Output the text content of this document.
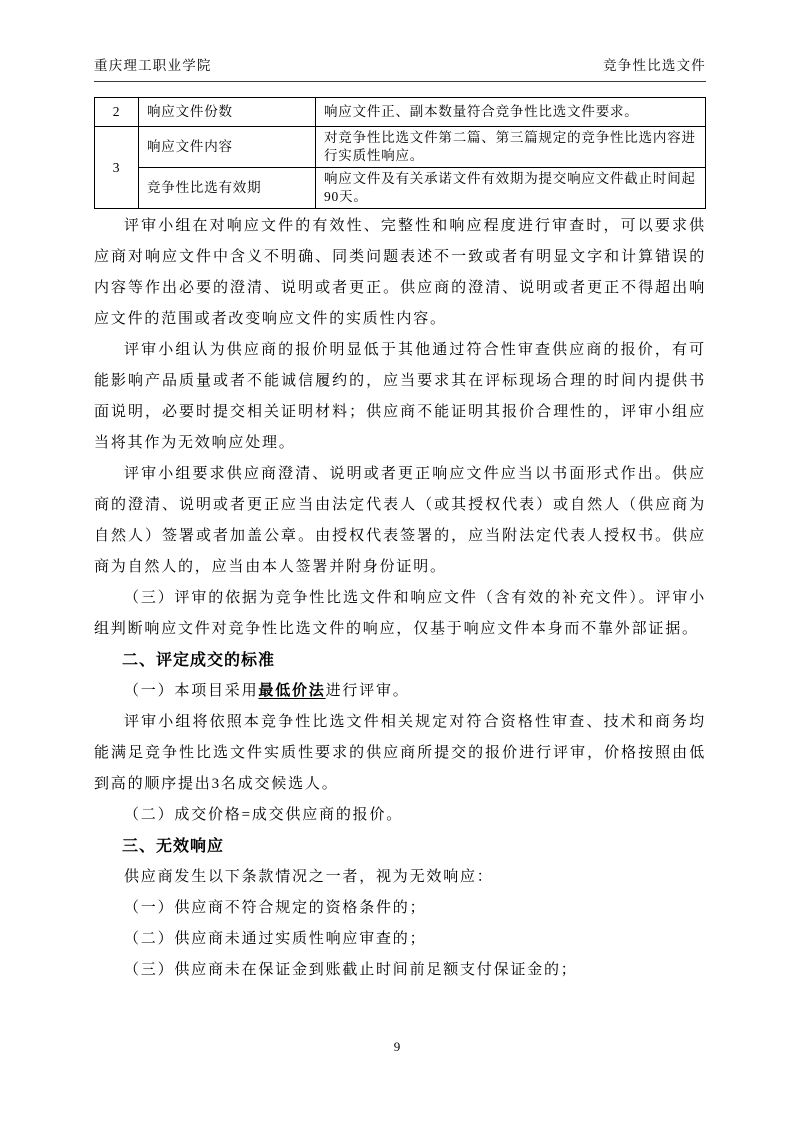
重庆理工职业学院	竞争性比选文件
2	响应文件份数	响应文件正、副本数量符合竞争性比选文件要求。
3	响应文件内容	对竞争性比选文件第二篇、第三篇规定的竞争性比选内容进行实质性响应。
	竞争性比选有效期	响应文件及有关承诺文件有效期为提交响应文件截止时间起90天。

评审小组在对响应文件的有效性、完整性和响应程度进行审查时，可以要求供应商对响应文件中含义不明确、同类问题表述不一致或者有明显文字和计算错误的内容等作出必要的澄清、说明或者更正。供应商的澄清、说明或者更正不得超出响应文件的范围或者改变响应文件的实质性内容。

评审小组认为供应商的报价明显低于其他通过符合性审查供应商的报价，有可能影响产品质量或者不能诚信履约的，应当要求其在评标现场合理的时间内提供书面说明，必要时提交相关证明材料；供应商不能证明其报价合理性的，评审小组应当将其作为无效响应处理。

评审小组要求供应商澄清、说明或者更正响应文件应当以书面形式作出。供应商的澄清、说明或者更正应当由法定代表人（或其授权代表）或自然人（供应商为自然人）签署或者加盖公章。由授权代表签署的，应当附法定代表人授权书。供应商为自然人的，应当由本人签署并附身份证明。

（三）评审的依据为竞争性比选文件和响应文件（含有效的补充文件）。评审小组判断响应文件对竞争性比选文件的响应，仅基于响应文件本身而不靠外部证据。

二、评定成交的标准

（一）本项目采用最低价法进行评审。

评审小组将依照本竞争性比选文件相关规定对符合资格性审查、技术和商务均能满足竞争性比选文件实质性要求的供应商所提交的报价进行评审，价格按照由低到高的顺序提出3名成交候选人。

（二）成交价格=成交供应商的报价。

三、无效响应

供应商发生以下条款情况之一者，视为无效响应：

（一）供应商不符合规定的资格条件的；

（二）供应商未通过实质性响应审查的；

（三）供应商未在保证金到账截止时间前足额支付保证金的；

9
